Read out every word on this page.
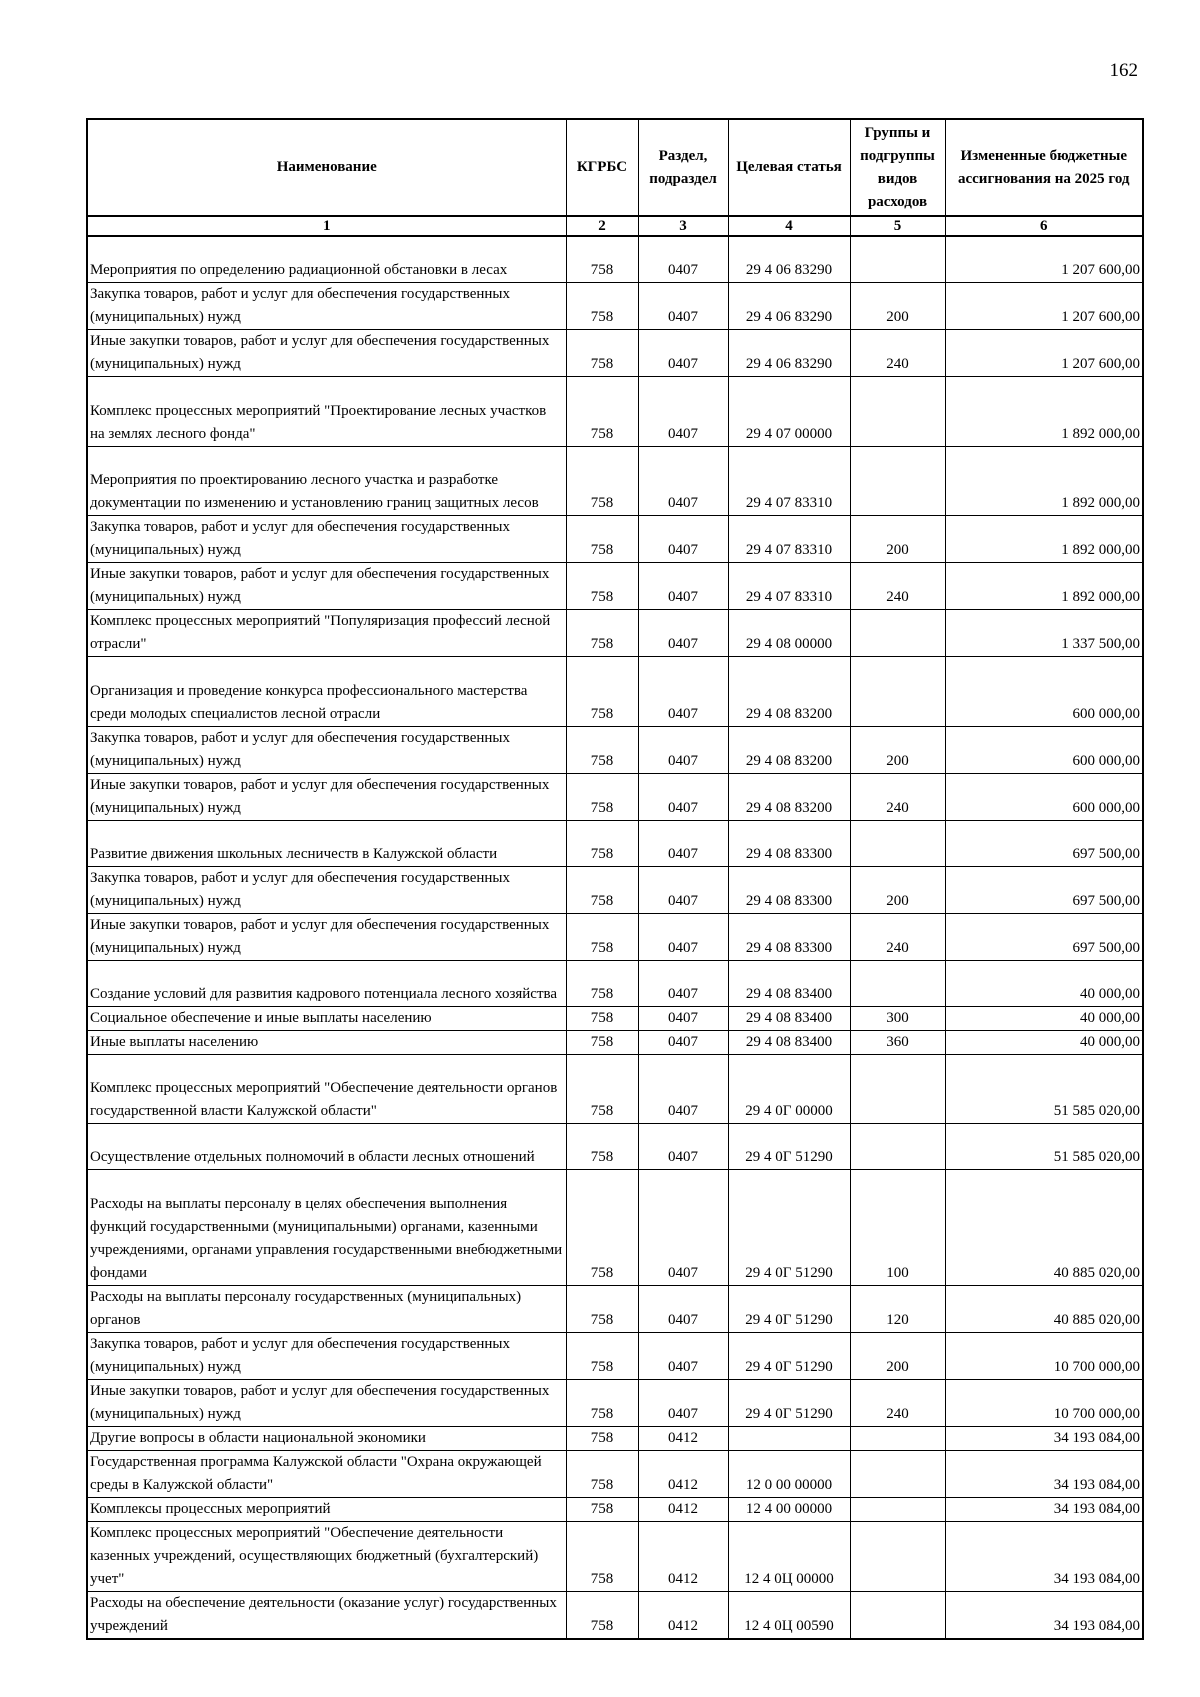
162
Наименование	КГРБС	Раздел, подраздел	Целевая статья	Группы и подгруппы видов расходов	Измененные бюджетные ассигнования на 2025 год
1	2	3	4	5	6
Мероприятия по определению радиационной обстановки в лесах	758	0407	29 4 06 83290		1 207 600,00
Закупка товаров, работ и услуг для обеспечения государственных (муниципальных) нужд	758	0407	29 4 06 83290	200	1 207 600,00
Иные закупки товаров, работ и услуг для обеспечения государственных (муниципальных) нужд	758	0407	29 4 06 83290	240	1 207 600,00
Комплекс процессных мероприятий "Проектирование лесных участков на землях лесного фонда"	758	0407	29 4 07 00000		1 892 000,00
Мероприятия по проектированию лесного участка и разработке документации по изменению и установлению границ защитных лесов	758	0407	29 4 07 83310		1 892 000,00
Закупка товаров, работ и услуг для обеспечения государственных (муниципальных) нужд	758	0407	29 4 07 83310	200	1 892 000,00
Иные закупки товаров, работ и услуг для обеспечения государственных (муниципальных) нужд	758	0407	29 4 07 83310	240	1 892 000,00
Комплекс процессных мероприятий "Популяризация профессий лесной отрасли"	758	0407	29 4 08 00000		1 337 500,00
Организация и проведение конкурса профессионального мастерства среди молодых специалистов лесной отрасли	758	0407	29 4 08 83200		600 000,00
Закупка товаров, работ и услуг для обеспечения государственных (муниципальных) нужд	758	0407	29 4 08 83200	200	600 000,00
Иные закупки товаров, работ и услуг для обеспечения государственных (муниципальных) нужд	758	0407	29 4 08 83200	240	600 000,00
Развитие движения школьных лесничеств в Калужской области	758	0407	29 4 08 83300		697 500,00
Закупка товаров, работ и услуг для обеспечения государственных (муниципальных) нужд	758	0407	29 4 08 83300	200	697 500,00
Иные закупки товаров, работ и услуг для обеспечения государственных (муниципальных) нужд	758	0407	29 4 08 83300	240	697 500,00
Создание условий для развития кадрового потенциала лесного хозяйства	758	0407	29 4 08 83400		40 000,00
Социальное обеспечение и иные выплаты населению	758	0407	29 4 08 83400	300	40 000,00
Иные выплаты населению	758	0407	29 4 08 83400	360	40 000,00
Комплекс процессных мероприятий "Обеспечение деятельности органов государственной власти Калужской области"	758	0407	29 4 0Г 00000		51 585 020,00
Осуществление отдельных полномочий в области лесных отношений	758	0407	29 4 0Г 51290		51 585 020,00
Расходы на выплаты персоналу в целях обеспечения выполнения функций государственными (муниципальными) органами, казенными учреждениями, органами управления государственными внебюджетными фондами	758	0407	29 4 0Г 51290	100	40 885 020,00
Расходы на выплаты персоналу государственных (муниципальных) органов	758	0407	29 4 0Г 51290	120	40 885 020,00
Закупка товаров, работ и услуг для обеспечения государственных (муниципальных) нужд	758	0407	29 4 0Г 51290	200	10 700 000,00
Иные закупки товаров, работ и услуг для обеспечения государственных (муниципальных) нужд	758	0407	29 4 0Г 51290	240	10 700 000,00
Другие вопросы в области национальной экономики	758	0412			34 193 084,00
Государственная программа Калужской области "Охрана окружающей среды в Калужской области"	758	0412	12 0 00 00000		34 193 084,00
Комплексы процессных мероприятий	758	0412	12 4 00 00000		34 193 084,00
Комплекс процессных мероприятий "Обеспечение деятельности казенных учреждений, осуществляющих бюджетный (бухгалтерский) учет"	758	0412	12 4 0Ц 00000		34 193 084,00
Расходы на обеспечение деятельности (оказание услуг) государственных учреждений	758	0412	12 4 0Ц 00590		34 193 084,00
